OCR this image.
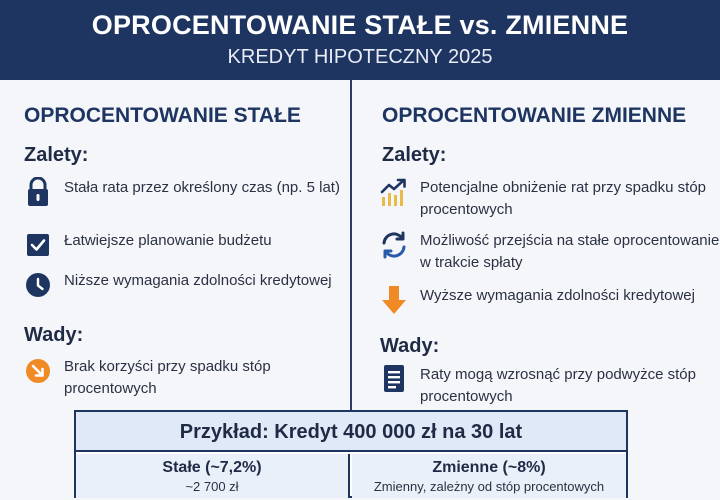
OPROCENTOWANIE STAŁE vs. ZMIENNE
KREDYT HIPOTECZNY 2025
OPROCENTOWANIE STAŁE
Zalety:
Stała rata przez określony czas (np. 5 lat)
Łatwiejsze planowanie budżetu
Niższe wymagania zdolności kredytowej
Wady:
Brak korzyści przy spadku stóp procentowych
OPROCENTOWANIE ZMIENNE
Zalety:
Potencjalne obniżenie rat przy spadku stóp procentowych
Możliwość przejścia na stałe oprocentowanie w trakcie spłaty
Wyższe wymagania zdolności kredytowej
Wady:
Raty mogą wzrosnąć przy podwyżce stóp procentowych
Przykład: Kredyt 400 000 zł na 30 lat
Stałe (~7,2%)
~2 700 zł
Zmienne (~8%)
Zmienny, zależny od stóp procentowych
